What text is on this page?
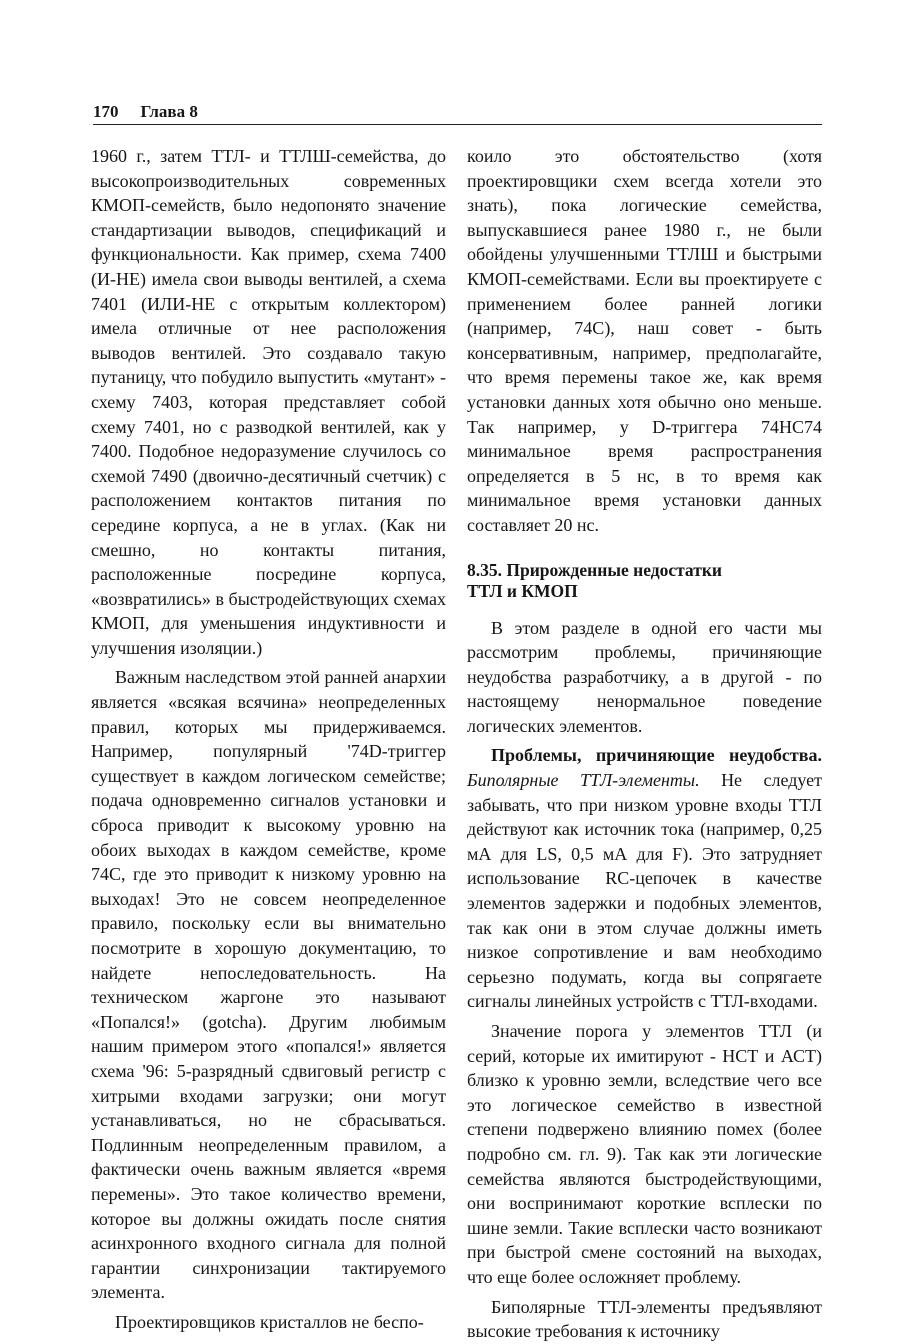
170 Глава 8

1960 г., затем ТТЛ- и ТТЛШ-семейства, до высокопроизводительных современных КМОП-семейств, было недопонято значение стандартизации выводов, спецификаций и функциональности. Как пример, схема 7400 (И-НЕ) имела свои выводы вентилей, а схема 7401 (ИЛИ-НЕ с открытым коллектором) имела отличные от нее расположения выводов вентилей. Это создавало такую путаницу, что побудило выпустить «мутант» - схему 7403, которая представляет собой схему 7401, но с разводкой вентилей, как у 7400. Подобное недоразумение случилось со схемой 7490 (двоично-десятичный счетчик) с расположением контактов питания по середине корпуса, а не в углах. (Как ни смешно, но контакты питания, расположенные посредине корпуса, «возвратились» в быстродействующих схемах КМОП, для уменьшения индуктивности и улучшения изоляции.)

Важным наследством этой ранней анархии является «всякая всячина» неопределенных правил, которых мы придерживаемся. Например, популярный '74D-триггер существует в каждом логическом семействе; подача одновременно сигналов установки и сброса приводит к высокому уровню на обоих выходах в каждом семействе, кроме 74С, где это приводит к низкому уровню на выходах! Это не совсем неопределенное правило, поскольку если вы внимательно посмотрите в хорошую документацию, то найдете непоследовательность. На техническом жаргоне это называют «Попался!» (gotcha). Другим любимым нашим примером этого «попался!» является схема '96: 5-разрядный сдвиговый регистр с хитрыми входами загрузки; они могут устанавливаться, но не сбрасываться. Подлинным неопределенным правилом, а фактически очень важным является «время перемены». Это такое количество времени, которое вы должны ожидать после снятия асинхронного входного сигнала для полной гарантии синхронизации тактируемого элемента.

Проектировщиков кристаллов не беспо-

коило это обстоятельство (хотя проектировщики схем всегда хотели это знать), пока логические семейства, выпускавшиеся ранее 1980 г., не были обойдены улучшенными ТТЛШ и быстрыми КМОП-семействами. Если вы проектируете с применением более ранней логики (например, 74С), наш совет - быть консервативным, например, предполагайте, что время перемены такое же, как время установки данных хотя обычно оно меньше. Так например, у D-триггера 74НС74 минимальное время распространения определяется в 5 нс, в то время как минимальное время установки данных составляет 20 нс.

8.35. Прирожденные недостатки
ТТЛ и КМОП

В этом разделе в одной его части мы рассмотрим проблемы, причиняющие неудобства разработчику, а в другой - по настоящему ненормальное поведение логических элементов.

Проблемы, причиняющие неудобства. Биполярные ТТЛ-элементы. Не следует забывать, что при низком уровне входы ТТЛ действуют как источник тока (например, 0,25 мА для LS, 0,5 мА для F). Это затрудняет использование RC-цепочек в качестве элементов задержки и подобных элементов, так как они в этом случае должны иметь низкое сопротивление и вам необходимо серьезно подумать, когда вы сопрягаете сигналы линейных устройств с ТТЛ-входами.

Значение порога у элементов ТТЛ (и серий, которые их имитируют - НСТ и АСТ) близко к уровню земли, вследствие чего все это логическое семейство в известной степени подвержено влиянию помех (более подробно см. гл. 9). Так как эти логические семейства являются быстродействующими, они воспринимают короткие всплески по шине земли. Такие всплески часто возникают при быстрой смене состояний на выходах, что еще более осложняет проблему.

Биполярные ТТЛ-элементы предъявляют высокие требования к источнику
